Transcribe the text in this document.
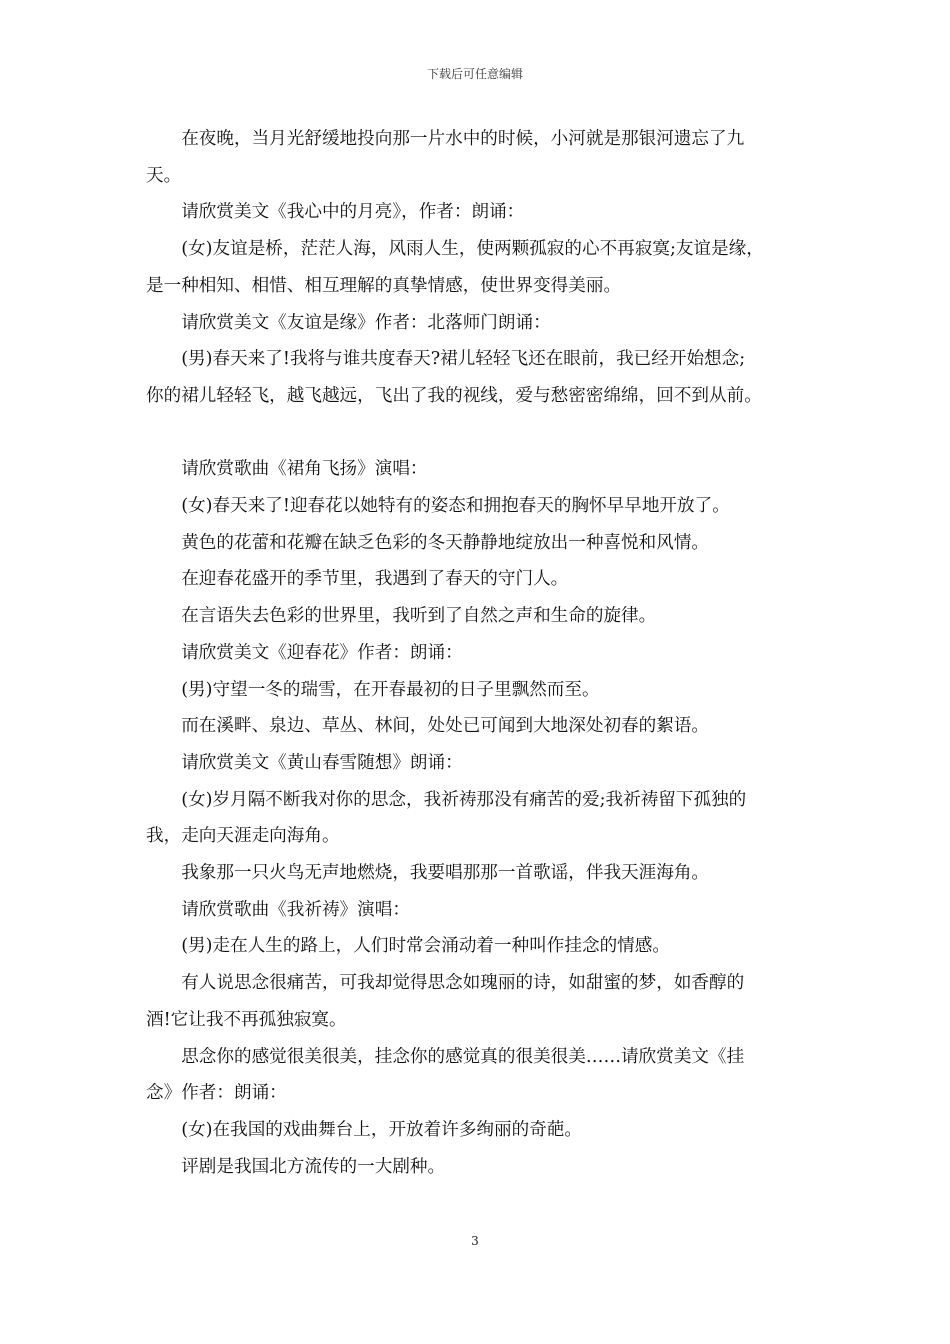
下载后可任意编辑

在夜晚，当月光舒缓地投向那一片水中的时候，小河就是那银河遗忘了九
天。

请欣赏美文《我心中的月亮》，作者：朗诵：

(女)友谊是桥，茫茫人海，风雨人生，使两颗孤寂的心不再寂寞;友谊是缘，
是一种相知、相惜、相互理解的真挚情感，使世界变得美丽。

请欣赏美文《友谊是缘》作者：北落师门朗诵：

(男)春天来了!我将与谁共度春天?裙儿轻轻飞还在眼前，我已经开始想念;
你的裙儿轻轻飞，越飞越远，飞出了我的视线，爱与愁密密绵绵，回不到从前。

请欣赏歌曲《裙角飞扬》演唱：

(女)春天来了!迎春花以她特有的姿态和拥抱春天的胸怀早早地开放了。

黄色的花蕾和花瓣在缺乏色彩的冬天静静地绽放出一种喜悦和风情。

在迎春花盛开的季节里，我遇到了春天的守门人。

在言语失去色彩的世界里，我听到了自然之声和生命的旋律。

请欣赏美文《迎春花》作者：朗诵：

(男)守望一冬的瑞雪，在开春最初的日子里飘然而至。

而在溪畔、泉边、草丛、林间，处处已可闻到大地深处初春的絮语。

请欣赏美文《黄山春雪随想》朗诵：

(女)岁月隔不断我对你的思念，我祈祷那没有痛苦的爱;我祈祷留下孤独的
我，走向天涯走向海角。

我象那一只火鸟无声地燃烧，我要唱那那一首歌谣，伴我天涯海角。

请欣赏歌曲《我祈祷》演唱：

(男)走在人生的路上，人们时常会涌动着一种叫作挂念的情感。

有人说思念很痛苦，可我却觉得思念如瑰丽的诗，如甜蜜的梦，如香醇的
酒!它让我不再孤独寂寞。

思念你的感觉很美很美，挂念你的感觉真的很美很美……请欣赏美文《挂
念》作者：朗诵：

(女)在我国的戏曲舞台上，开放着许多绚丽的奇葩。

评剧是我国北方流传的一大剧种。

3
